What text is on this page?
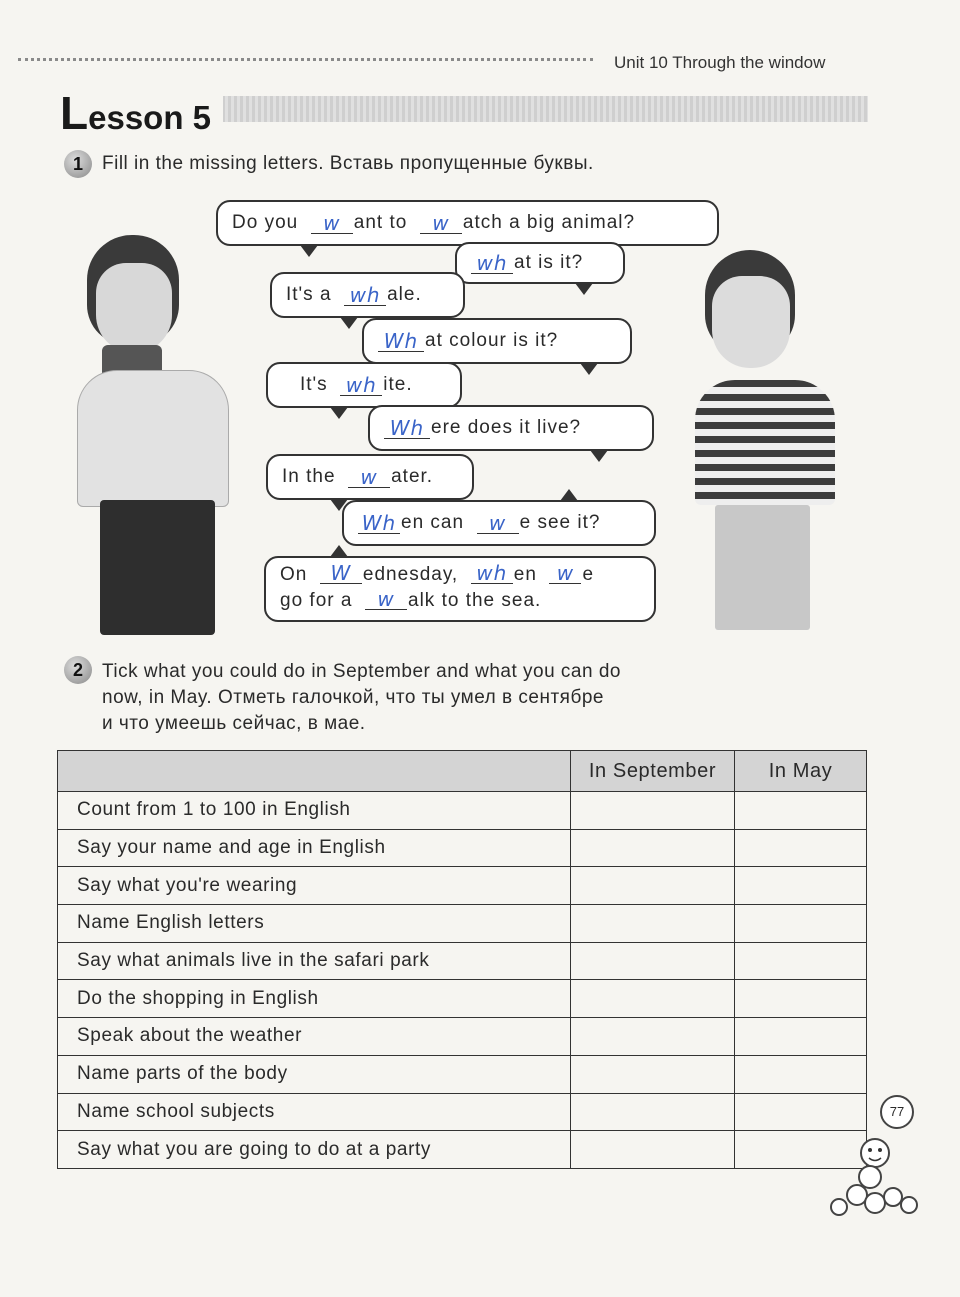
Unit 10 Through the window
Lesson 5
1	Fill in the missing letters. Вставь пропущенные буквы.
Do you
	w ant to
	w atch a big animal?
wh at is it?
It's a
wh ale.
Wh at colour is it?
It's
wh ite.
Wh ere does it live?
In the
	w ater.
Wh en can
	w e see it?
On W ednesday, wh en w e
go for a w alk to the sea.
2	Tick what you could do in September and what you can do
now, in May. Отметь галочкой, что ты умел в сентябре
и что умеешь сейчас, в мае.
	In September	In May
Count from 1 to 100 in English		
Say your name and age in English		
Say what you're wearing		
Name English letters		
Say what animals live in the safari park		
Do the shopping in English		
Speak about the weather		
Name parts of the body		
Name school subjects		
Say what you are going to do at a party		
77
